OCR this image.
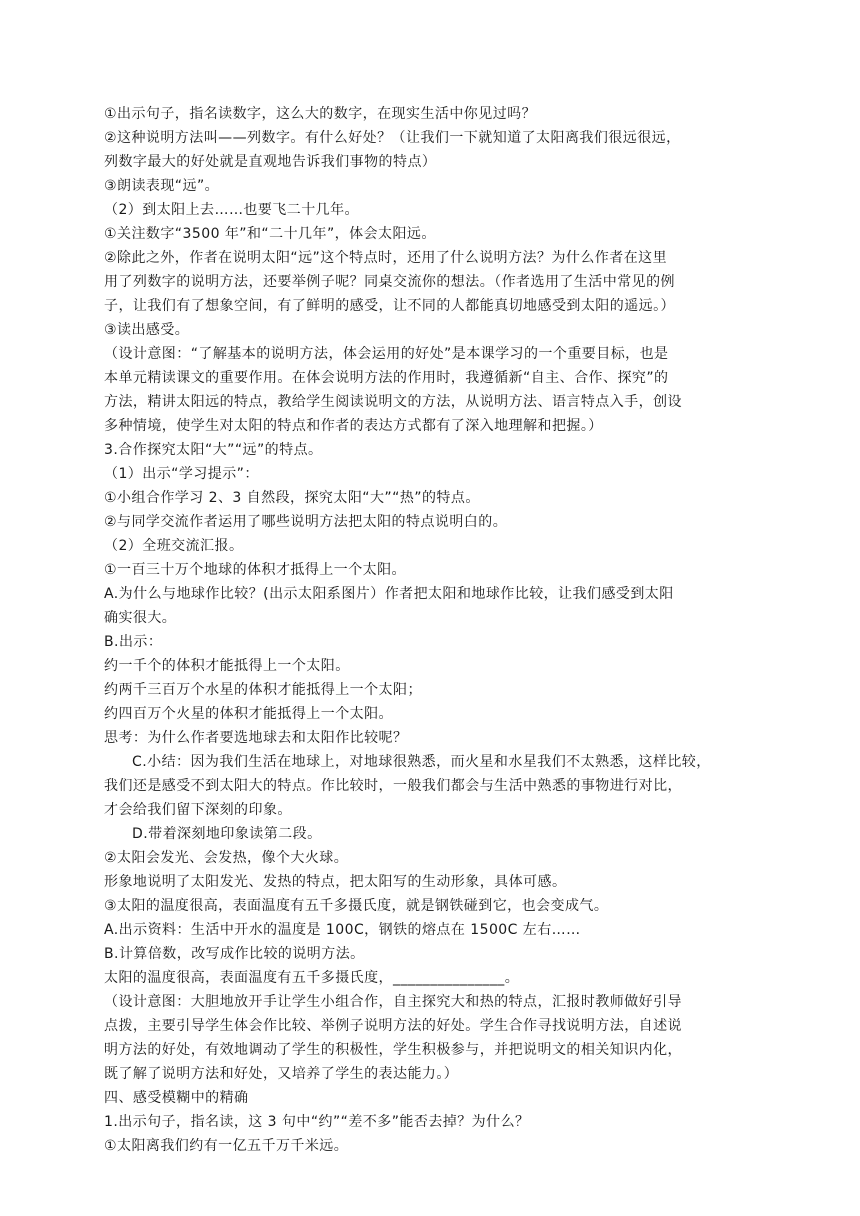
①出示句子，指名读数字，这么大的数字，在现实生活中你见过吗？
②这种说明方法叫——列数字。有什么好处？（让我们一下就知道了太阳离我们很远很远，
列数字最大的好处就是直观地告诉我们事物的特点）
③朗读表现“远”。
（2）到太阳上去……也要飞二十几年。
①关注数字“3500 年”和“二十几年”，体会太阳远。
②除此之外，作者在说明太阳“远”这个特点时，还用了什么说明方法？为什么作者在这里
用了列数字的说明方法，还要举例子呢？同桌交流你的想法。（作者选用了生活中常见的例
子，让我们有了想象空间，有了鲜明的感受，让不同的人都能真切地感受到太阳的遥远。）
③读出感受。
（设计意图：“了解基本的说明方法，体会运用的好处”是本课学习的一个重要目标，也是
本单元精读课文的重要作用。在体会说明方法的作用时，我遵循新“自主、合作、探究”的
方法，精讲太阳远的特点，教给学生阅读说明文的方法，从说明方法、语言特点入手，创设
多种情境，使学生对太阳的特点和作者的表达方式都有了深入地理解和把握。）
3.合作探究太阳“大”“远”的特点。
（1）出示“学习提示”：
①小组合作学习 2、3 自然段，探究太阳“大”“热”的特点。
②与同学交流作者运用了哪些说明方法把太阳的特点说明白的。
（2）全班交流汇报。
①一百三十万个地球的体积才抵得上一个太阳。
A.为什么与地球作比较？(出示太阳系图片）作者把太阳和地球作比较，让我们感受到太阳
确实很大。
B.出示：
约一千个的体积才能抵得上一个太阳。
约两千三百万个水星的体积才能抵得上一个太阳；
约四百万个火星的体积才能抵得上一个太阳。
思考：为什么作者要选地球去和太阳作比较呢？
C.小结：因为我们生活在地球上，对地球很熟悉，而火星和水星我们不太熟悉，这样比较，
我们还是感受不到太阳大的特点。作比较时，一般我们都会与生活中熟悉的事物进行对比，
才会给我们留下深刻的印象。
D.带着深刻地印象读第二段。
②太阳会发光、会发热，像个大火球。
形象地说明了太阳发光、发热的特点，把太阳写的生动形象，具体可感。
③太阳的温度很高，表面温度有五千多摄氏度，就是钢铁碰到它，也会变成气。
A.出示资料：生活中开水的温度是 100C，钢铁的熔点在 1500C 左右……
B.计算倍数，改写成作比较的说明方法。
太阳的温度很高，表面温度有五千多摄氏度，_______________。
（设计意图：大胆地放开手让学生小组合作，自主探究大和热的特点，汇报时教师做好引导
点拨，主要引导学生体会作比较、举例子说明方法的好处。学生合作寻找说明方法，自述说
明方法的好处，有效地调动了学生的积极性，学生积极参与，并把说明文的相关知识内化，
既了解了说明方法和好处，又培养了学生的表达能力。）
四、感受模糊中的精确
1.出示句子，指名读，这 3 句中“约”“差不多”能否去掉？为什么？
①太阳离我们约有一亿五千万千米远。
